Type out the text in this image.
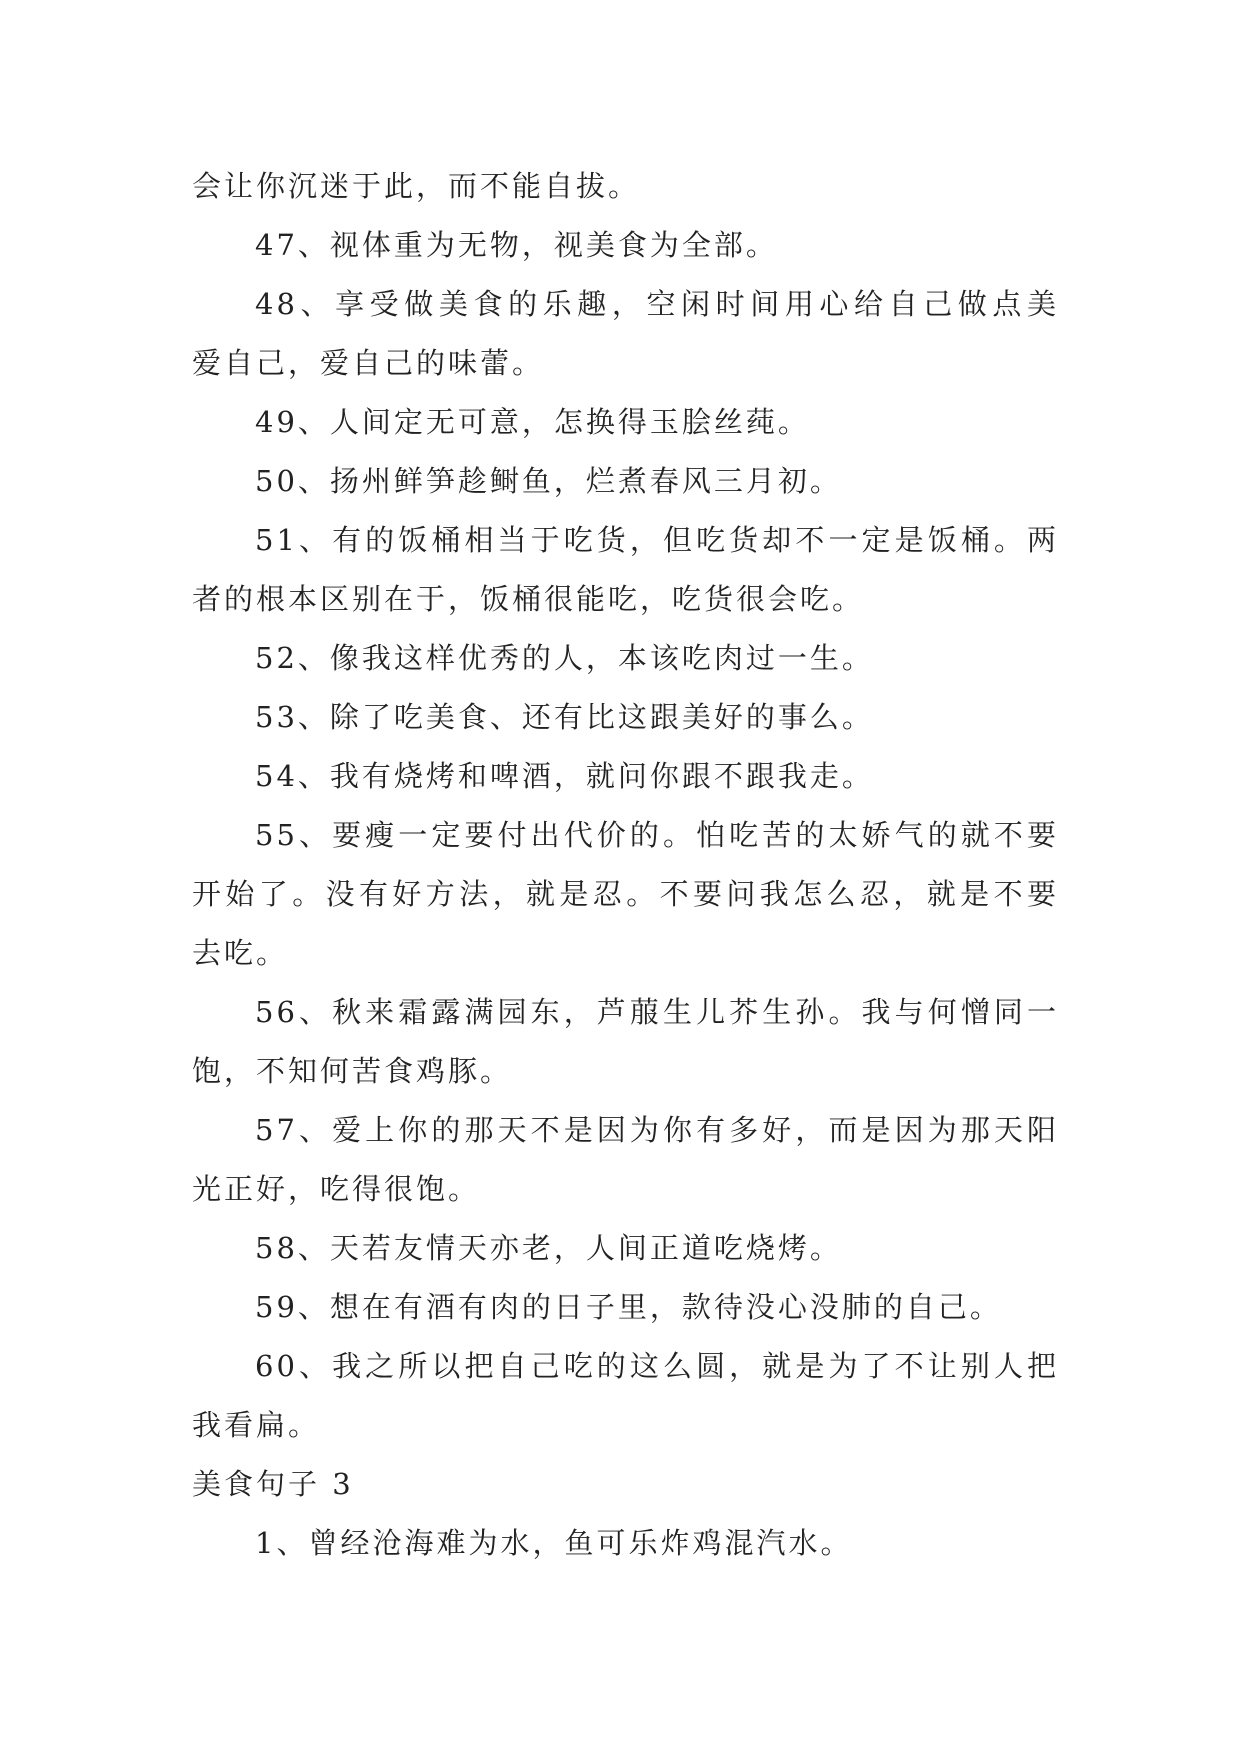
会让你沉迷于此，而不能自拔。
47、视体重为无物，视美食为全部。
48、享受做美食的乐趣，空闲时间用心给自己做点美
爱自己，爱自己的味蕾。
49、人间定无可意，怎换得玉脍丝莼。
50、扬州鲜笋趁鲥鱼，烂煮春风三月初。
51、有的饭桶相当于吃货，但吃货却不一定是饭桶。两
者的根本区别在于，饭桶很能吃，吃货很会吃。
52、像我这样优秀的人，本该吃肉过一生。
53、除了吃美食、还有比这跟美好的事么。
54、我有烧烤和啤酒，就问你跟不跟我走。
55、要瘦一定要付出代价的。怕吃苦的太娇气的就不要
开始了。没有好方法，就是忍。不要问我怎么忍，就是不要
去吃。
56、秋来霜露满园东，芦菔生儿芥生孙。我与何憎同一
饱，不知何苦食鸡豚。
57、爱上你的那天不是因为你有多好，而是因为那天阳
光正好，吃得很饱。
58、天若友情天亦老，人间正道吃烧烤。
59、想在有酒有肉的日子里，款待没心没肺的自己。
60、我之所以把自己吃的这么圆，就是为了不让别人把
我看扁。
美食句子 3
1、曾经沧海难为水，鱼可乐炸鸡混汽水。
